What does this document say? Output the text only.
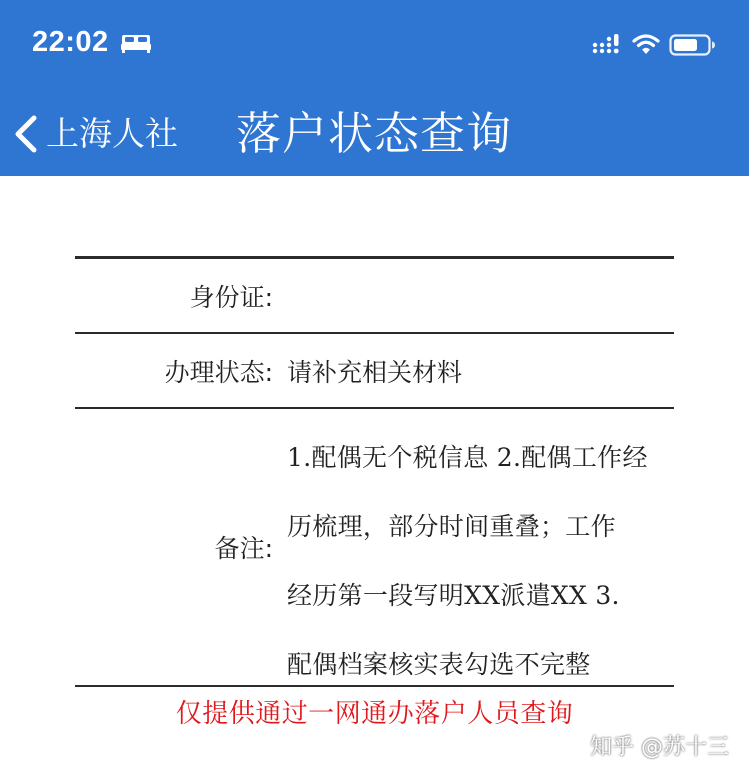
22:02
上海人社 落户状态查询
身份证:
办理状态: 请补充相关材料
备注:
1.配偶无个税信息 2.配偶工作经
历梳理，部分时间重叠；工作
经历第一段写明XX派遣XX 3.
配偶档案核实表勾选不完整
仅提供通过一网通办落户人员查询
知乎 @苏十三
